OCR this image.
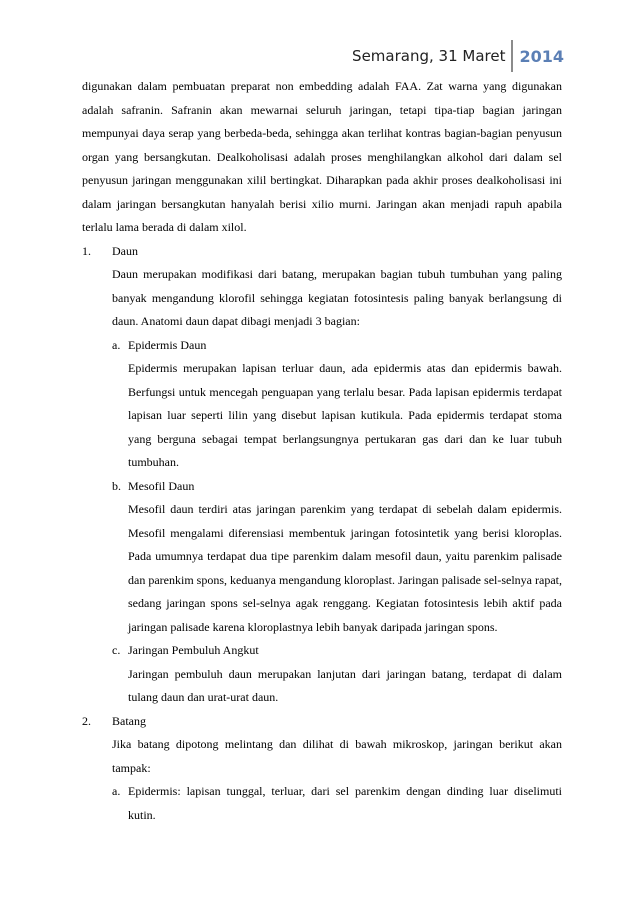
Semarang, 31 Maret 2014

digunakan dalam pembuatan preparat non embedding adalah FAA. Zat warna yang digunakan adalah safranin. Safranin akan mewarnai seluruh jaringan, tetapi tipa-tiap bagian jaringan mempunyai daya serap yang berbeda-beda, sehingga akan terlihat kontras bagian-bagian penyusun organ yang bersangkutan. Dealkoholisasi adalah proses menghilangkan alkohol dari dalam sel penyusun jaringan menggunakan xilil bertingkat. Diharapkan pada akhir proses dealkoholisasi ini dalam jaringan bersangkutan hanyalah berisi xilio murni. Jaringan akan menjadi rapuh apabila terlalu lama berada di dalam xilol.

1.	Daun

Daun merupakan modifikasi dari batang, merupakan bagian tubuh tumbuhan yang paling banyak mengandung klorofil sehingga kegiatan fotosintesis paling banyak berlangsung di daun. Anatomi daun dapat dibagi menjadi 3 bagian:

a. Epidermis Daun

Epidermis merupakan lapisan terluar daun, ada epidermis atas dan epidermis bawah. Berfungsi untuk mencegah penguapan yang terlalu besar. Pada lapisan epidermis terdapat lapisan luar seperti lilin yang disebut lapisan kutikula. Pada epidermis terdapat stoma yang berguna sebagai tempat berlangsungnya pertukaran gas dari dan ke luar tubuh tumbuhan.

b. Mesofil Daun

Mesofil daun terdiri atas jaringan parenkim yang terdapat di sebelah dalam epidermis. Mesofil mengalami diferensiasi membentuk jaringan fotosintetik yang berisi kloroplas. Pada umumnya terdapat dua tipe parenkim dalam mesofil daun, yaitu parenkim palisade dan parenkim spons, keduanya mengandung kloroplast. Jaringan palisade sel-selnya rapat, sedang jaringan spons sel-selnya agak renggang. Kegiatan fotosintesis lebih aktif pada jaringan palisade karena kloroplastnya lebih banyak daripada jaringan spons.

c. Jaringan Pembuluh Angkut

Jaringan pembuluh daun merupakan lanjutan dari jaringan batang, terdapat di dalam tulang daun dan urat-urat daun.

2.	Batang

Jika batang dipotong melintang dan dilihat di bawah mikroskop, jaringan berikut akan tampak:

a. Epidermis: lapisan tunggal, terluar, dari sel parenkim dengan dinding luar diselimuti kutin.
